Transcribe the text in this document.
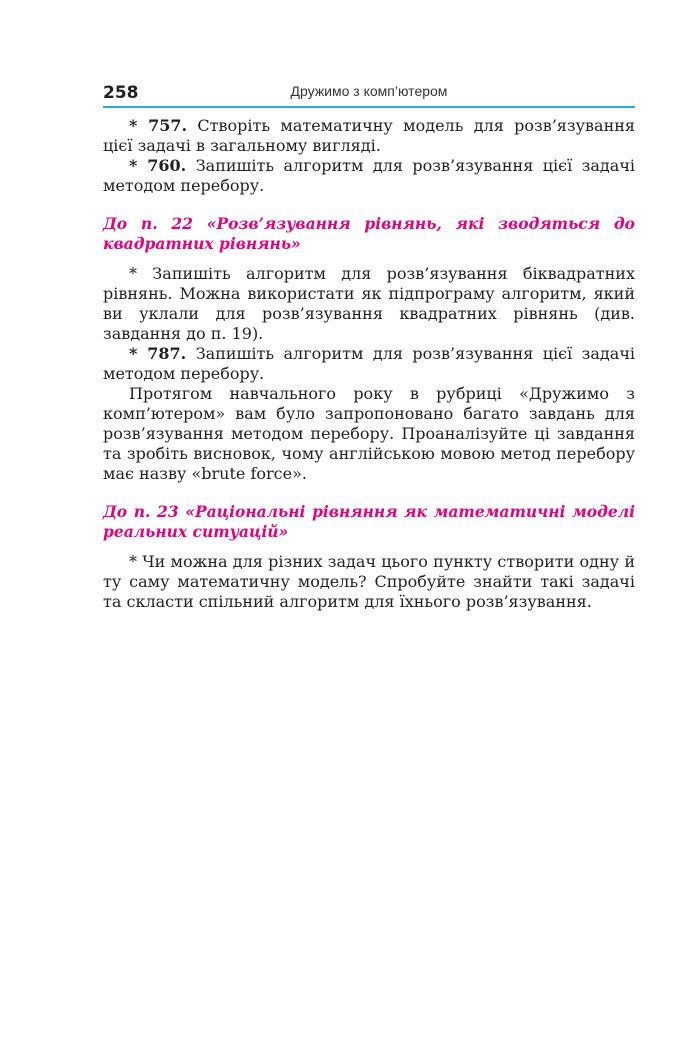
258	Дружимо з комп’ютером

* 757. Створіть математичну модель для розв’язування цієї задачі в загальному вигляді.

* 760. Запишіть алгоритм для розв’язування цієї задачі методом перебору.

До п. 22 «Розв’язування рівнянь, які зводяться до квадратних рівнянь»

* Запишіть алгоритм для розв’язування біквадратних рівнянь. Можна використати як підпрограму алгоритм, який ви уклали для розв’язування квадратних рівнянь (див. завдання до п. 19).

* 787. Запишіть алгоритм для розв’язування цієї задачі методом перебору.

Протягом навчального року в рубриці «Дружимо з комп’ютером» вам було запропоновано багато завдань для розв’язування методом перебору. Проаналізуйте ці завдання та зробіть висновок, чому англійською мовою метод перебору має назву «brute force».

До п. 23 «Раціональні рівняння як математичні моделі реальних ситуацій»

* Чи можна для різних задач цього пункту створити одну й ту саму математичну модель? Спробуйте знайти такі задачі та скласти спільний алгоритм для їхнього розв’язування.
